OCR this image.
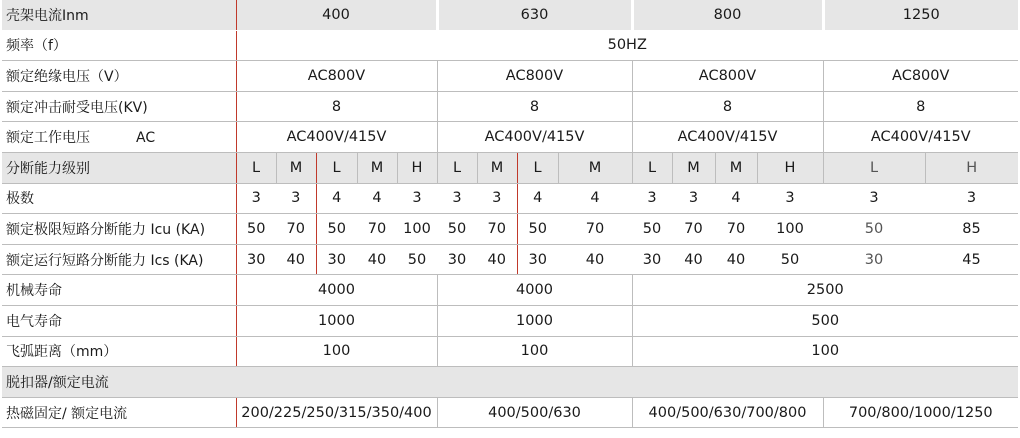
壳架电流Inm	400					630				800				1250	
频率（f）	50HZ														
额定绝缘电压（V）	AC800V					AC800V				AC800V				AC800V	
额定冲击耐受电压(KV)	8					8				8				8	
额定工作电压 AC	AC400V/415V					AC400V/415V				AC400V/415V				AC400V/415V	
分断能力级别	L	M	L	M	H	L	M	L	M	L	M	M	H	L	H
极数	3	3	4	4	3	3	3	4	4	3	3	4	3	3	3
额定极限短路分断能力 Icu (KA)	50	70	50	70	100	50	70	50	70	50	70	70	100	50	85
额定运行短路分断能力 Ics (KA)	30	40	30	40	50	30	40	30	40	30	40	40	50	30	45
机械寿命	4000					4000				2500					
电气寿命	1000					1000				500					
飞弧距离（mm）	100					100				100					
脱扣器/额定电流															
热磁固定/ 额定电流	200/225/250/315/350/400					400/500/630				400/500/630/700/800				700/800/1000/1250	
